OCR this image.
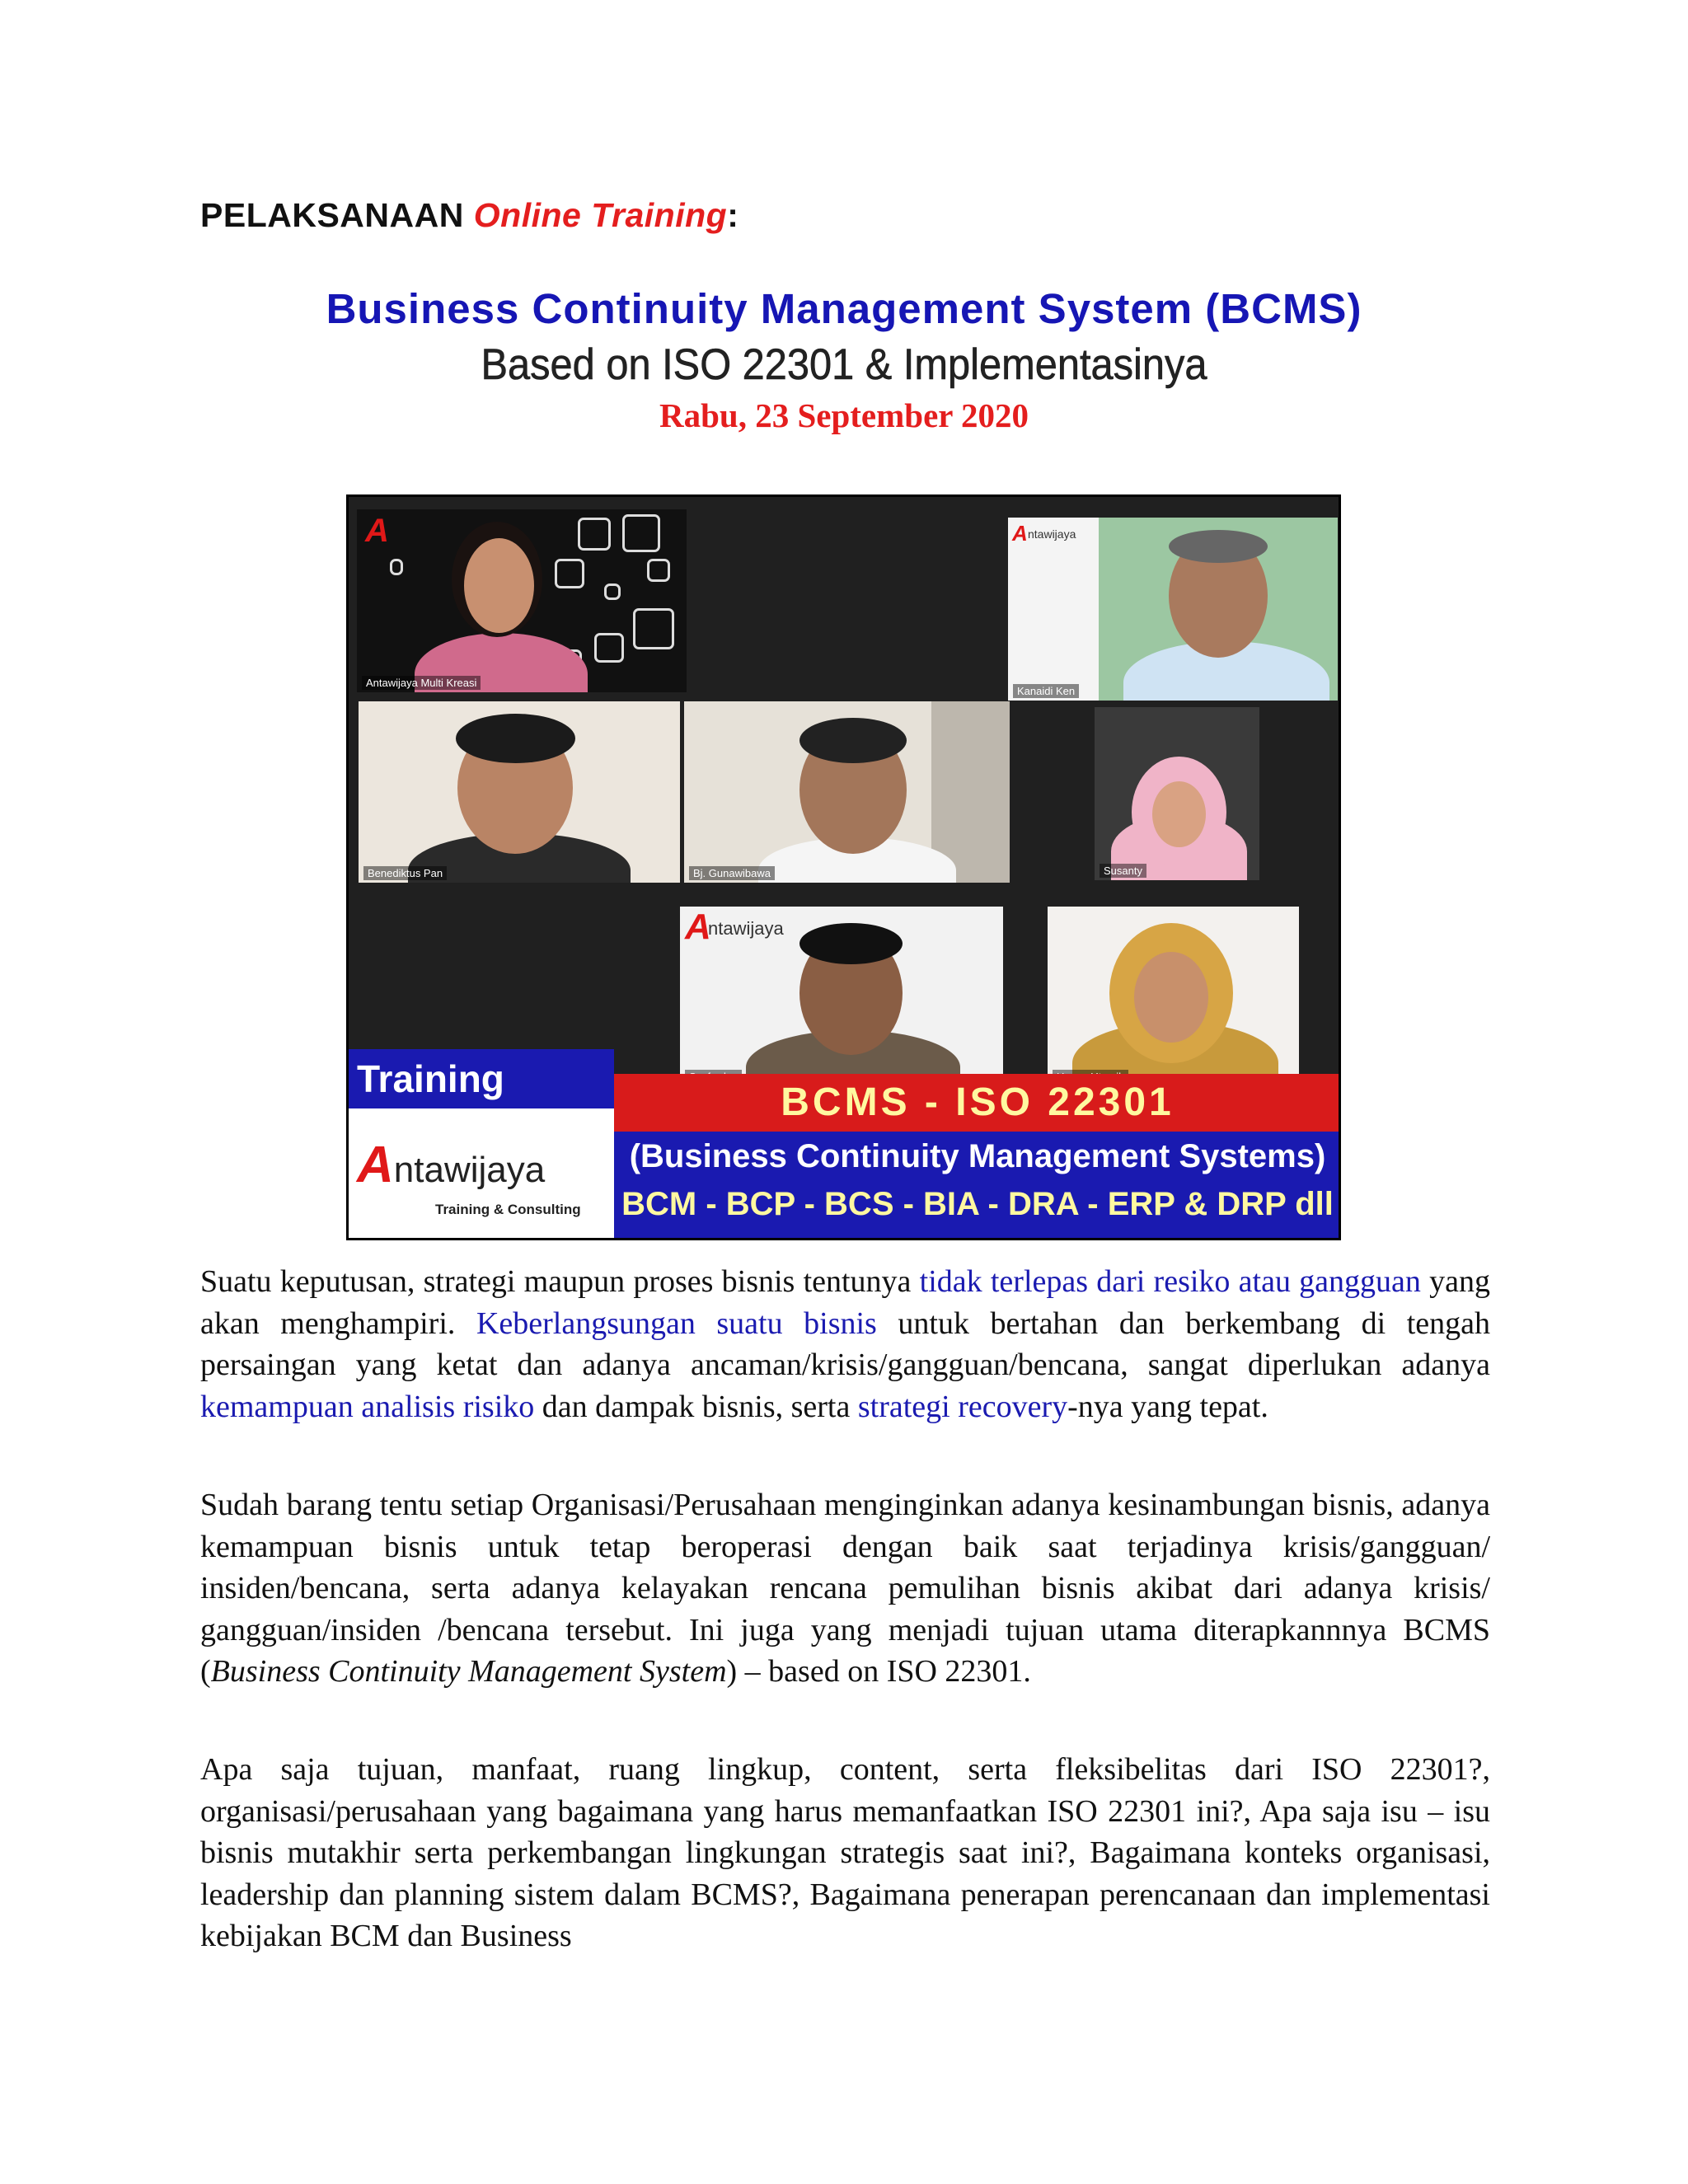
PELAKSANAAN Online Training:
Business Continuity Management System (BCMS)
Based on ISO 22301 & Implementasinya
Rabu, 23 September 2020
A
Antawijaya Multi Kreasi
A ntawijaya
Kanaidi Ken
Benediktus Pan	Bj. Gunawibawa	Susanty
A
ntawijaya
Training
Antawijaya
Training & Consulting
BCMS - ISO 22301
(Business Continuity Management Systems)
BCM - BCP - BCS - BIA - DRA - ERP & DRP dll
Suatu keputusan, strategi maupun proses bisnis tentunya tidak terlepas dari resiko atau gangguan yang akan menghampiri. Keberlangsungan suatu bisnis untuk bertahan dan berkembang di tengah persaingan yang ketat dan adanya ancaman/krisis/gangguan/bencana, sangat diperlukan adanya kemampuan analisis risiko dan dampak bisnis, serta strategi recovery-nya yang tepat.
Sudah barang tentu setiap Organisasi/Perusahaan menginginkan adanya kesinambungan bisnis, adanya kemampuan bisnis untuk tetap beroperasi dengan baik saat terjadinya krisis/gangguan/ insiden/bencana, serta adanya kelayakan rencana pemulihan bisnis akibat dari adanya krisis/ gangguan/insiden /bencana tersebut. Ini juga yang menjadi tujuan utama diterapkannnya BCMS (Business Continuity Management System) – based on ISO 22301.
Apa saja tujuan, manfaat, ruang lingkup, content, serta fleksibelitas dari ISO 22301?, organisasi/perusahaan yang bagaimana yang harus memanfaatkan ISO 22301 ini?, Apa saja isu – isu bisnis mutakhir serta perkembangan lingkungan strategis saat ini?, Bagaimana konteks organisasi, leadership dan planning sistem dalam BCMS?, Bagaimana penerapan perencanaan dan implementasi kebijakan BCM dan Business
